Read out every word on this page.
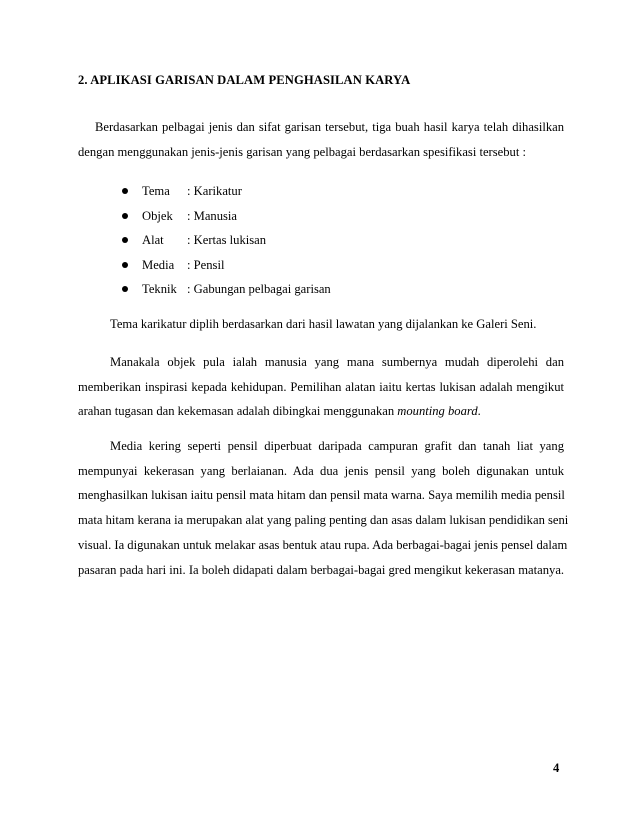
2. APLIKASI GARISAN DALAM PENGHASILAN KARYA
Berdasarkan pelbagai jenis dan sifat garisan tersebut, tiga buah hasil karya telah dihasilkan
dengan menggunakan jenis-jenis garisan yang pelbagai berdasarkan spesifikasi tersebut :
Tema : Karikatur
Objek : Manusia
Alat : Kertas lukisan
Media : Pensil
Teknik : Gabungan pelbagai garisan
Tema karikatur diplih berdasarkan dari hasil lawatan yang dijalankan ke Galeri Seni.
Manakala objek pula ialah manusia yang mana sumbernya mudah diperolehi dan
memberikan inspirasi kepada kehidupan. Pemilihan alatan iaitu kertas lukisan adalah mengikut
arahan tugasan dan kekemasan adalah dibingkai menggunakan mounting board.
Media kering seperti pensil diperbuat daripada campuran grafit dan tanah liat yang
mempunyai kekerasan yang berlaianan. Ada dua jenis pensil yang boleh digunakan untuk
menghasilkan lukisan iaitu pensil mata hitam dan pensil mata warna. Saya memilih media pensil
mata hitam kerana ia merupakan alat yang paling penting dan asas dalam lukisan pendidikan seni
visual. Ia digunakan untuk melakar asas bentuk atau rupa. Ada berbagai-bagai jenis pensel dalam
pasaran pada hari ini. Ia boleh didapati dalam berbagai-bagai gred mengikut kekerasan matanya.
4
